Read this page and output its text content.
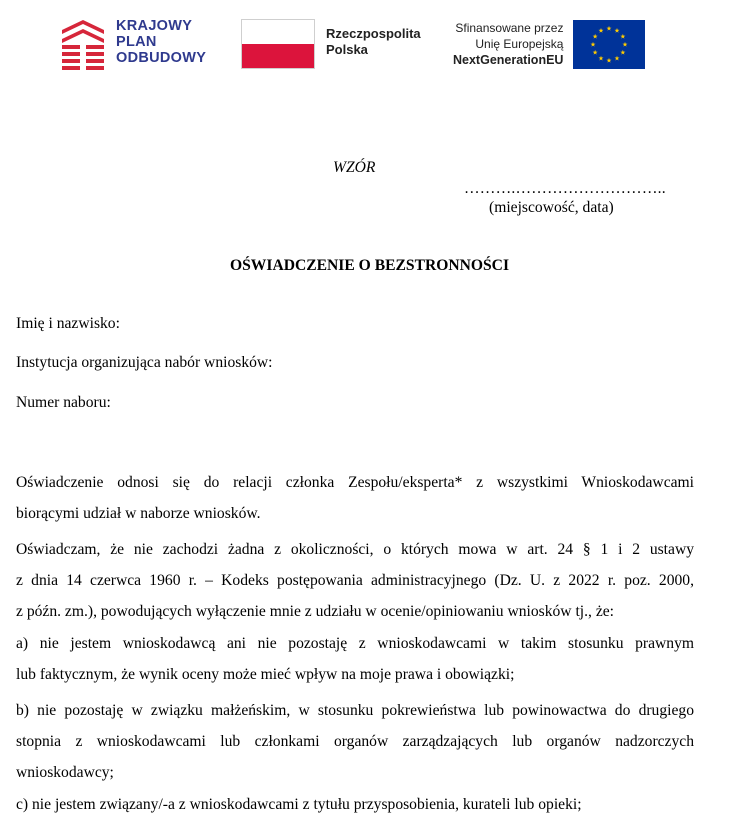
KRAJOWY
PLAN
ODBUDOWY
Rzeczpospolita
Polska
Sfinansowane przez
Unię Europejską
NextGenerationEU
WZÓR
……….………………………..
(miejscowość, data)
OŚWIADCZENIE O BEZSTRONNOŚCI
Imię i nazwisko:
Instytucja organizująca nabór wniosków:
Numer naboru:
Oświadczenie odnosi się do relacji członka Zespołu/eksperta* z wszystkimi Wnioskodawcami
biorącymi udział w naborze wniosków.
Oświadczam, że nie zachodzi żadna z okoliczności, o których mowa w art. 24 § 1 i 2 ustawy
z dnia 14 czerwca 1960 r. – Kodeks postępowania administracyjnego (Dz. U. z 2022 r. poz. 2000,
z późn. zm.), powodujących wyłączenie mnie z udziału w ocenie/opiniowaniu wniosków tj., że:
a) nie jestem wnioskodawcą ani nie pozostaję z wnioskodawcami w takim stosunku prawnym
lub faktycznym, że wynik oceny może mieć wpływ na moje prawa i obowiązki;
b) nie pozostaję w związku małżeńskim, w stosunku pokrewieństwa lub powinowactwa do drugiego
stopnia z wnioskodawcami lub członkami organów zarządzających lub organów nadzorczych
wnioskodawcy;
c) nie jestem związany/-a z wnioskodawcami z tytułu przysposobienia, kurateli lub opieki;
